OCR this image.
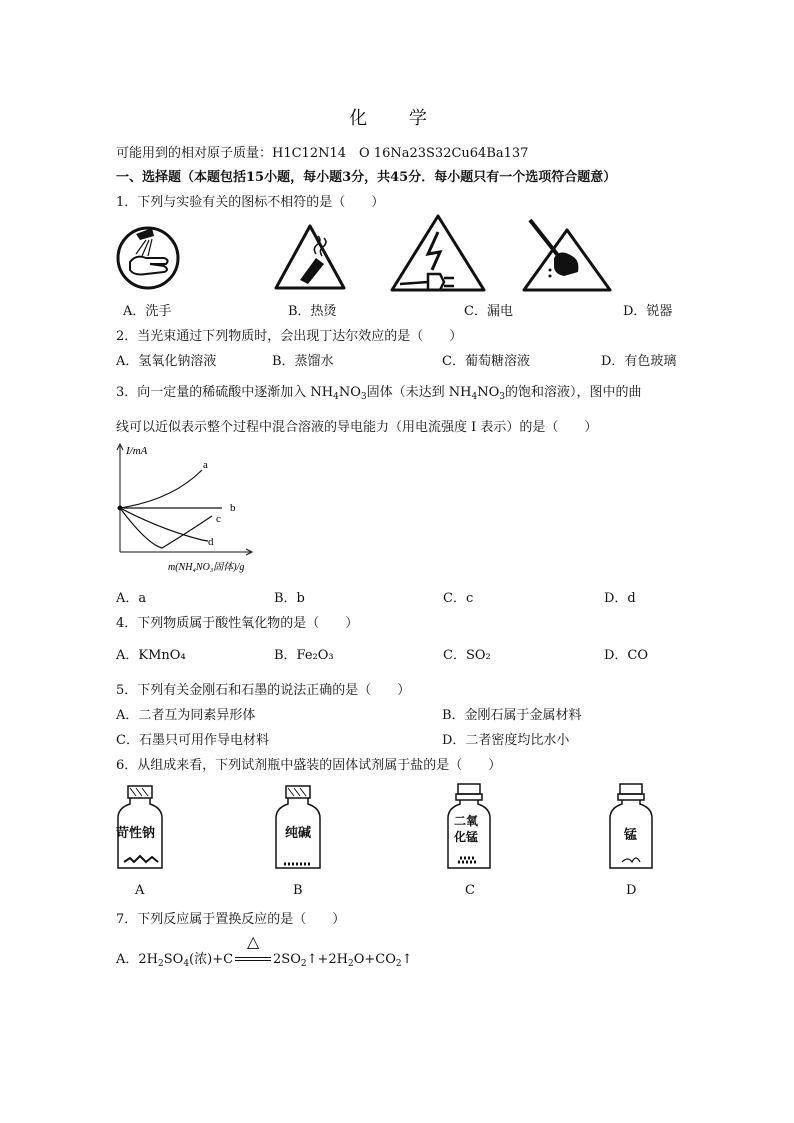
化 学
可能用到的相对原子质量：H1C12N14　O 16Na23S32Cu64Ba137
一、选择题（本题包括15小题，每小题3分，共45分．每小题只有一个选项符合题意）
1．下列与实验有关的图标不相符的是（　　）
A．洗手	B．热烫	C．漏电	D．锐器
2．当光束通过下列物质时，会出现丁达尔效应的是（　　）
A．氢氧化钠溶液	B．蒸馏水	C．葡萄糖溶液	D．有色玻璃
3．向一定量的稀硫酸中逐渐加入 $NH_4NO_3$固体（未达到 $NH_4NO_3$的饱和溶液），图中的曲
线可以近似表示整个过程中混合溶液的导电能力（用电流强度 I 表示）的是（　　）
I/mA
a
b
c
d
m(NH₄NO₃固体)/g
A．a	B．b	C．c	D．d
4．下列物质属于酸性氧化物的是（　　）
A．KMnO₄	B．Fe₂O₃	C．SO₂	D．CO
5．下列有关金刚石和石墨的说法正确的是（　　）
A．二者互为同素异形体	B．金刚石属于金属材料
C．石墨只可用作导电材料	D．二者密度均比水小
6．从组成来看，下列试剂瓶中盛装的固体试剂属于盐的是（　　）
苛性钠	纯碱
二氧
化锰	锰
A	B	C	D
7．下列反应属于置换反应的是（　　）
A．$2H_2SO_4$(浓)+C
△
$2SO_2↑+2H_2O+CO_2↑$
